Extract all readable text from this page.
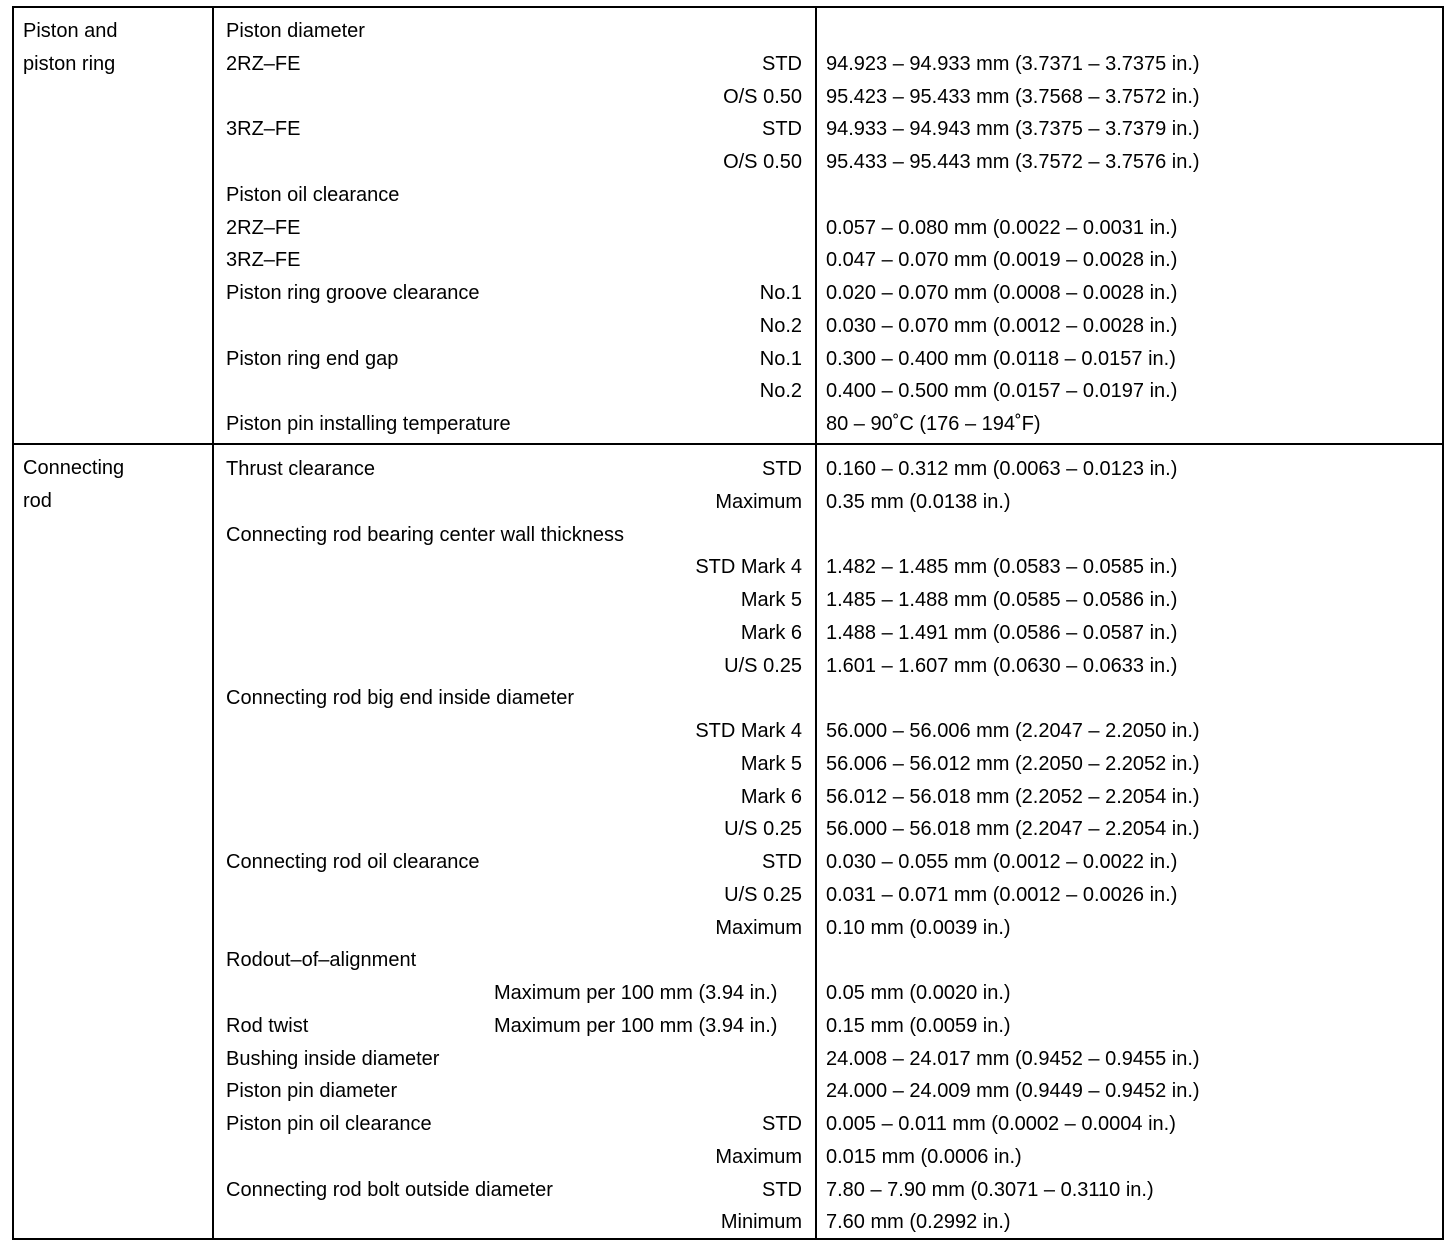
Piston and
piston ring
Piston diameter
2RZ–FE	STD 94.923 – 94.933 mm (3.7371 – 3.7375 in.)
O/S 0.50 95.423 – 95.433 mm (3.7568 – 3.7572 in.)
3RZ–FE	STD 94.933 – 94.943 mm (3.7375 – 3.7379 in.)
O/S 0.50 95.433 – 95.443 mm (3.7572 – 3.7576 in.)
Piston oil clearance
2RZ–FE	0.057 – 0.080 mm (0.0022 – 0.0031 in.)
3RZ–FE	0.047 – 0.070 mm (0.0019 – 0.0028 in.)
Piston ring groove clearance	No.1 0.020 – 0.070 mm (0.0008 – 0.0028 in.)
No.2 0.030 – 0.070 mm (0.0012 – 0.0028 in.)
Piston ring end gap	No.1 0.300 – 0.400 mm (0.0118 – 0.0157 in.)
No.2 0.400 – 0.500 mm (0.0157 – 0.0197 in.)
Piston pin installing temperature	80 – 90˚C (176 – 194˚F)
Connecting
rod
Thrust clearance	STD 0.160 – 0.312 mm (0.0063 – 0.0123 in.)
Maximum 0.35 mm (0.0138 in.)
Connecting rod bearing center wall thickness
STD Mark 4 1.482 – 1.485 mm (0.0583 – 0.0585 in.)
Mark 5 1.485 – 1.488 mm (0.0585 – 0.0586 in.)
Mark 6 1.488 – 1.491 mm (0.0586 – 0.0587 in.)
U/S 0.25 1.601 – 1.607 mm (0.0630 – 0.0633 in.)
Connecting rod big end inside diameter
STD Mark 4 56.000 – 56.006 mm (2.2047 – 2.2050 in.)
Mark 5 56.006 – 56.012 mm (2.2050 – 2.2052 in.)
Mark 6 56.012 – 56.018 mm (2.2052 – 2.2054 in.)
U/S 0.25 56.000 – 56.018 mm (2.2047 – 2.2054 in.)
Connecting rod oil clearance	STD 0.030 – 0.055 mm (0.0012 – 0.0022 in.)
U/S 0.25 0.031 – 0.071 mm (0.0012 – 0.0026 in.)
Maximum 0.10 mm (0.0039 in.)
Rodout–of–alignment
Maximum per 100 mm (3.94 in.) 0.05 mm (0.0020 in.)
Rod twist	Maximum per 100 mm (3.94 in.) 0.15 mm (0.0059 in.)
Bushing inside diameter	24.008 – 24.017 mm (0.9452 – 0.9455 in.)
Piston pin diameter	24.000 – 24.009 mm (0.9449 – 0.9452 in.)
Piston pin oil clearance	STD 0.005 – 0.011 mm (0.0002 – 0.0004 in.)
Maximum 0.015 mm (0.0006 in.)
Connecting rod bolt outside diameter	STD 7.80 – 7.90 mm (0.3071 – 0.3110 in.)
Minimum 7.60 mm (0.2992 in.)
